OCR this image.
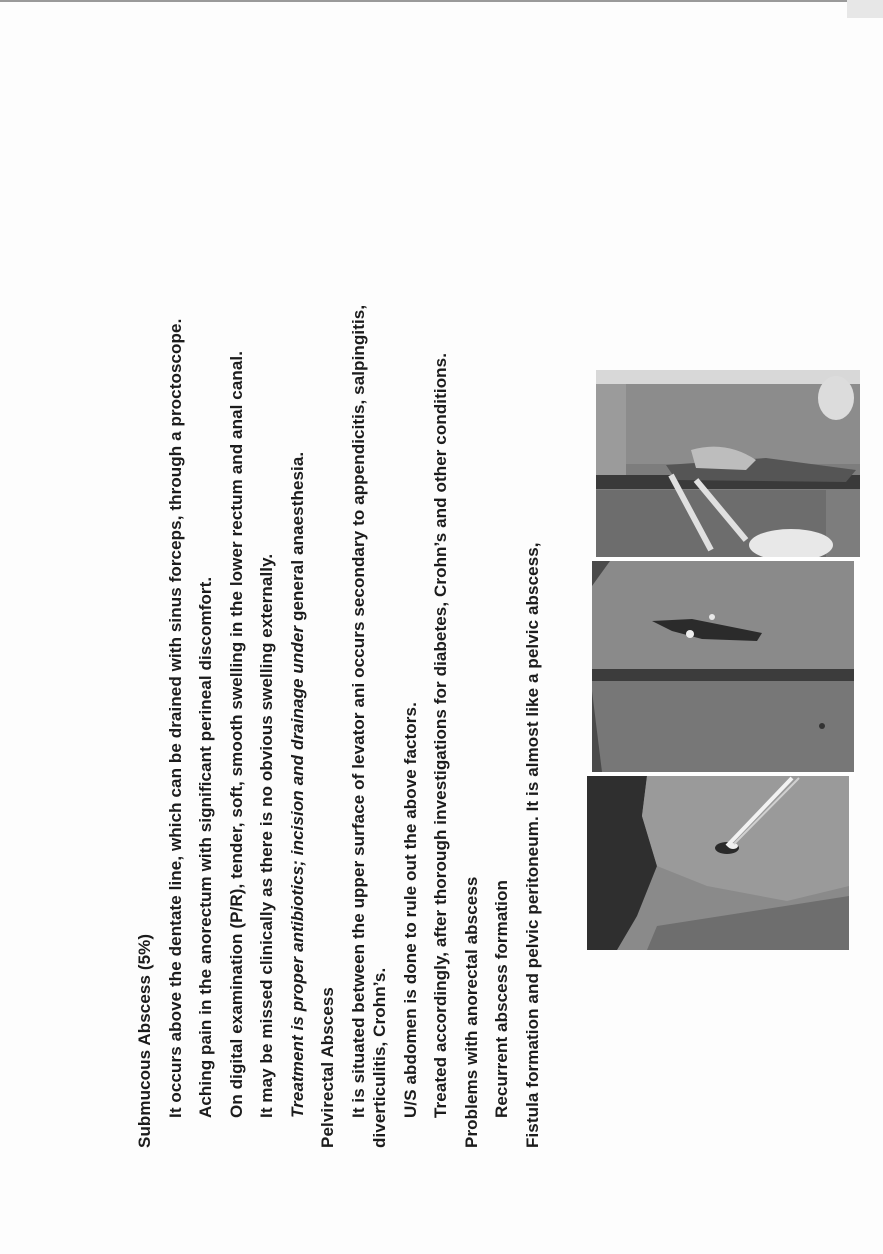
Submucous Abscess (5%) It occurs above the dentate line, which can be drained with sinus forceps, through a proctoscope. Aching pain in the anorectum with significant perineal discomfort. On digital examination (P/R), tender, soft, smooth swelling in the lower rectum and anal canal. It may be missed clinically as there is no obvious swelling externally. Treatment is proper antibiotics; incision and drainage under general anaesthesia.
Pelvirectal Abscess It is situated between the upper surface of levator ani occurs secondary to appendicitis, salpingitis, diverticulitis, Crohn’s. U/S abdomen is done to rule out the above factors. Treated accordingly, after thorough investigations for diabetes, Crohn’s and other conditions. Problems with anorectal abscess Recurrent abscess formation Fistula formation and pelvic peritoneum. It is almost like a pelvic abscess,
